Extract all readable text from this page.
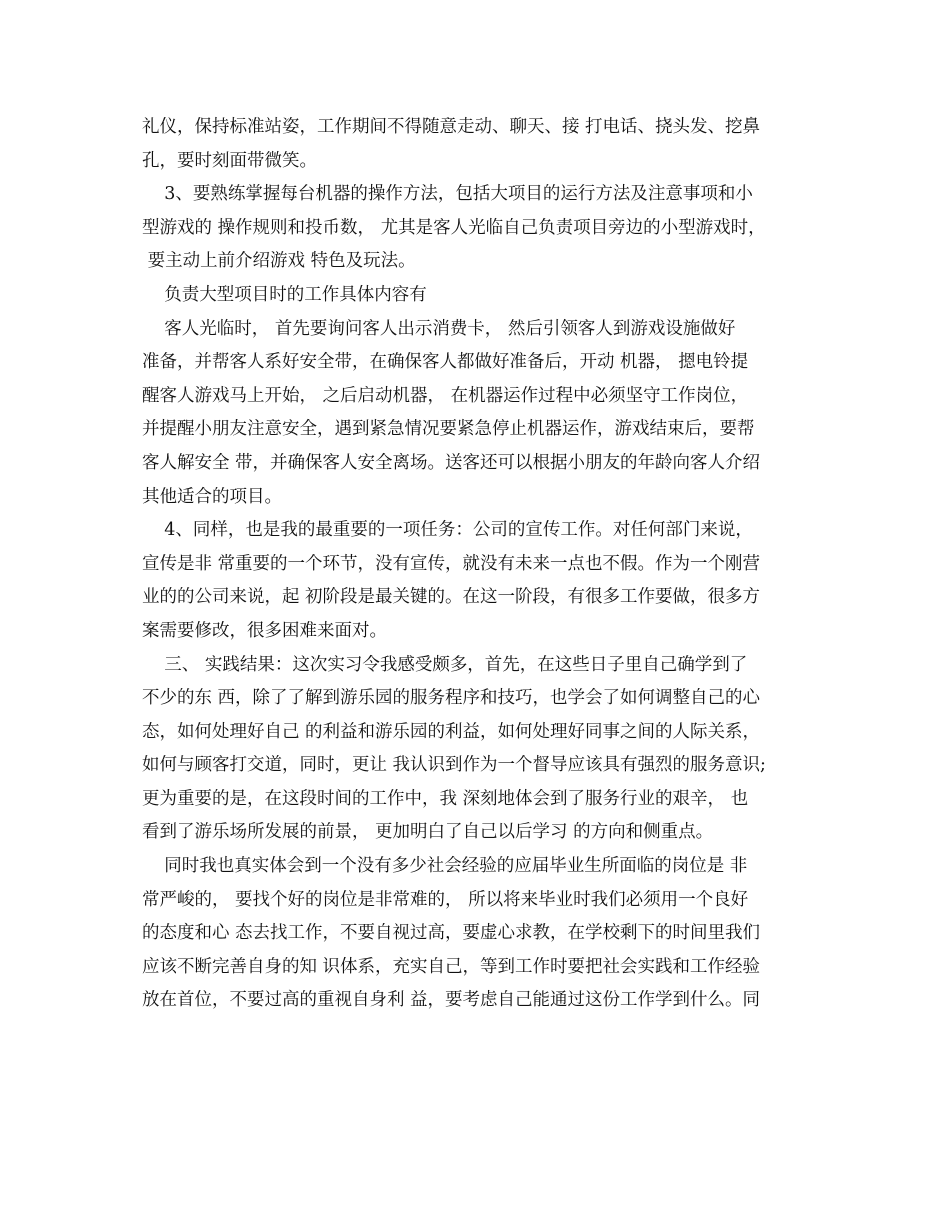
礼仪，保持标准站姿，工作期间不得随意走动、聊天、接 打电话、挠头发、挖鼻
孔，要时刻面带微笑。
3、要熟练掌握每台机器的操作方法，包括大项目的运行方法及注意事项和小
型游戏的 操作规则和投币数， 尤其是客人光临自己负责项目旁边的小型游戏时，
要主动上前介绍游戏 特色及玩法。
负责大型项目时的工作具体内容有
客人光临时， 首先要询问客人出示消费卡， 然后引领客人到游戏设施做好
准备，并帮客人系好安全带，在确保客人都做好准备后，开动 机器， 摁电铃提
醒客人游戏马上开始， 之后启动机器， 在机器运作过程中必须坚守工作岗位，
并提醒小朋友注意安全，遇到紧急情况要紧急停止机器运作，游戏结束后，要帮
客人解安全 带，并确保客人安全离场。送客还可以根据小朋友的年龄向客人介绍
其他适合的项目。
4、同样，也是我的最重要的一项任务：公司的宣传工作。对任何部门来说，
宣传是非 常重要的一个环节，没有宣传，就没有未来一点也不假。作为一个刚营
业的的公司来说，起 初阶段是最关键的。在这一阶段，有很多工作要做，很多方
案需要修改，很多困难来面对。
三、 实践结果：这次实习令我感受颇多，首先，在这些日子里自己确学到了
不少的东 西，除了了解到游乐园的服务程序和技巧，也学会了如何调整自己的心
态，如何处理好自己 的利益和游乐园的利益，如何处理好同事之间的人际关系，
如何与顾客打交道，同时，更让 我认识到作为一个督导应该具有强烈的服务意识;
更为重要的是，在这段时间的工作中，我 深刻地体会到了服务行业的艰辛， 也
看到了游乐场所发展的前景， 更加明白了自己以后学习 的方向和侧重点。
同时我也真实体会到一个没有多少社会经验的应届毕业生所面临的岗位是 非
常严峻的， 要找个好的岗位是非常难的， 所以将来毕业时我们必须用一个良好
的态度和心 态去找工作，不要自视过高，要虚心求教，在学校剩下的时间里我们
应该不断完善自身的知 识体系，充实自己，等到工作时要把社会实践和工作经验
放在首位，不要过高的重视自身利 益，要考虑自己能通过这份工作学到什么。同
